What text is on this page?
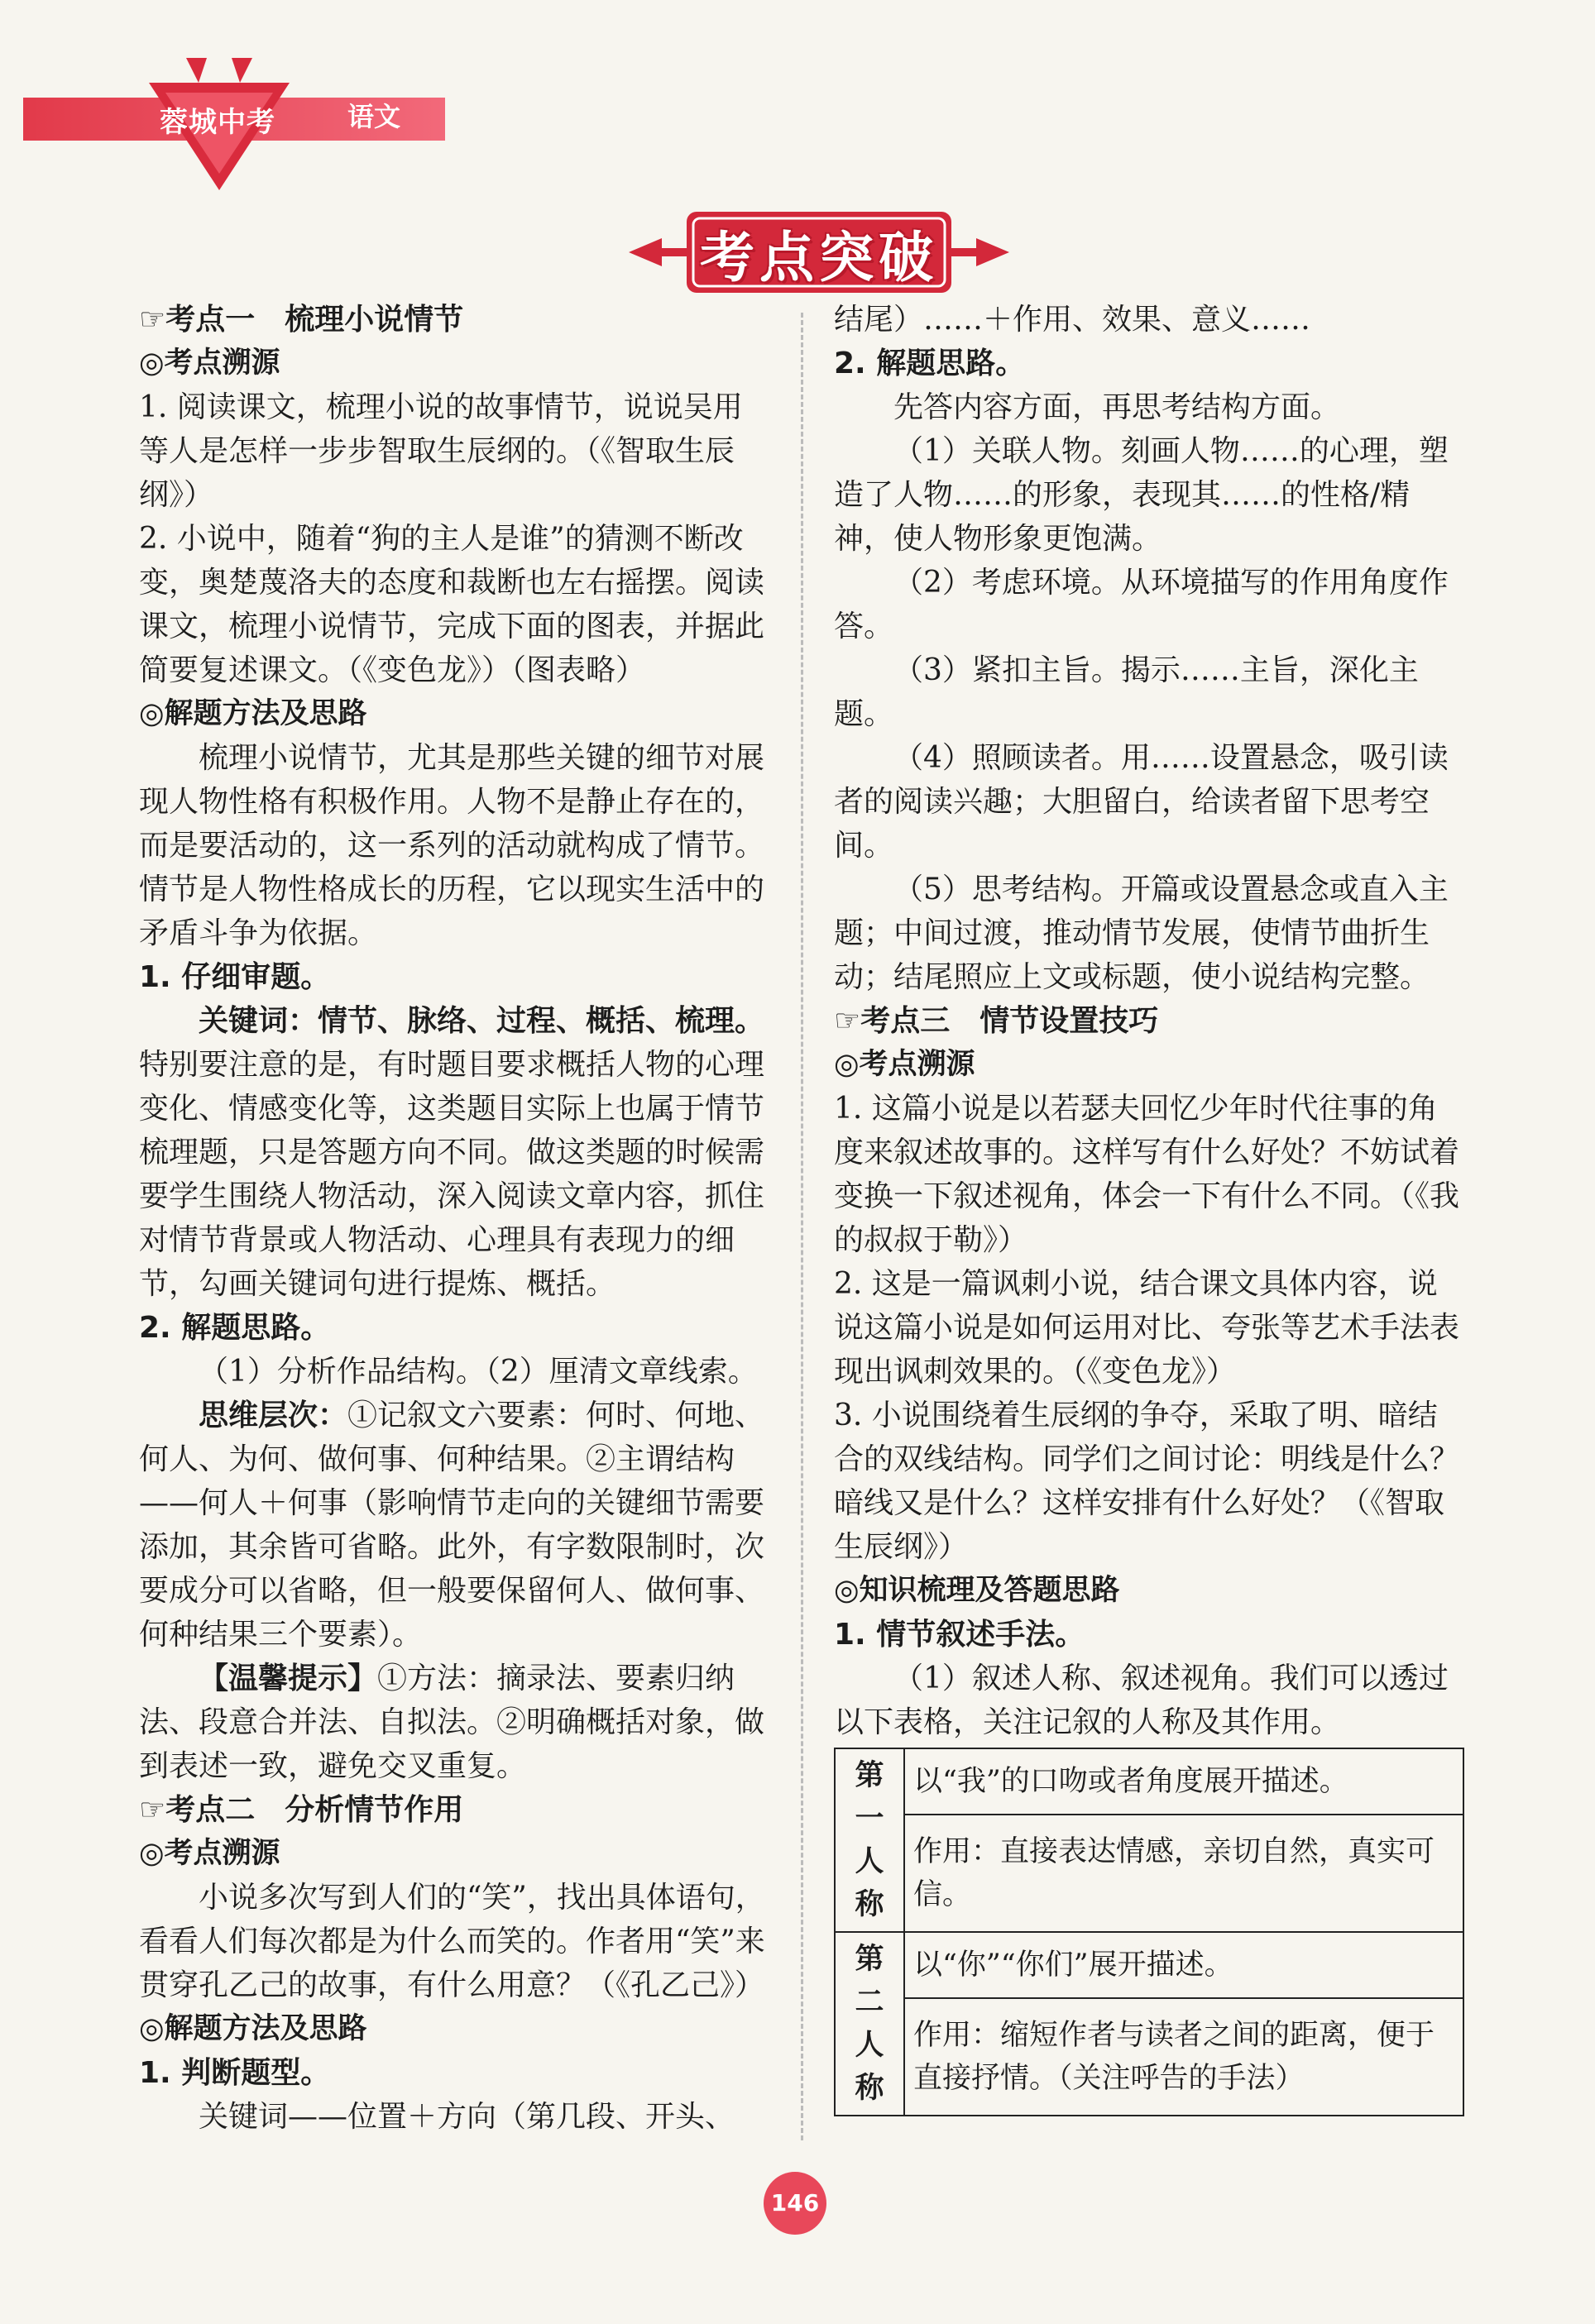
蓉城中考	语文
考点突破

☞考点一　梳理小说情节

◎考点溯源

1. 阅读课文，梳理小说的故事情节，说说吴用等人是怎样一步步智取生辰纲的。（《智取生辰纲》）

2. 小说中，随着“狗的主人是谁”的猜测不断改变，奥楚蔑洛夫的态度和裁断也左右摇摆。阅读课文，梳理小说情节，完成下面的图表，并据此简要复述课文。（《变色龙》）（图表略）

◎解题方法及思路

梳理小说情节，尤其是那些关键的细节对展现人物性格有积极作用。人物不是静止存在的，而是要活动的，这一系列的活动就构成了情节。情节是人物性格成长的历程，它以现实生活中的矛盾斗争为依据。

1. 仔细审题。

关键词：情节、脉络、过程、概括、梳理。

特别要注意的是，有时题目要求概括人物的心理变化、情感变化等，这类题目实际上也属于情节梳理题，只是答题方向不同。做这类题的时候需要学生围绕人物活动，深入阅读文章内容，抓住对情节背景或人物活动、心理具有表现力的细节，勾画关键词句进行提炼、概括。

2. 解题思路。

（1）分析作品结构。（2）厘清文章线索。

思维层次：①记叙文六要素：何时、何地、何人、为何、做何事、何种结果。②主谓结构——何人＋何事（影响情节走向的关键细节需要添加，其余皆可省略。此外，有字数限制时，次要成分可以省略，但一般要保留何人、做何事、何种结果三个要素）。

【温馨提示】①方法：摘录法、要素归纳法、段意合并法、自拟法。②明确概括对象，做到表述一致，避免交叉重复。

☞考点二　分析情节作用

◎考点溯源

小说多次写到人们的“笑”，找出具体语句，看看人们每次都是为什么而笑的。作者用“笑”来贯穿孔乙己的故事，有什么用意？（《孔乙己》）

◎解题方法及思路

1. 判断题型。

关键词——位置＋方向（第几段、开头、

结尾）……＋作用、效果、意义……

2. 解题思路。

先答内容方面，再思考结构方面。

（1）关联人物。刻画人物……的心理，塑造了人物……的形象，表现其……的性格/精神，使人物形象更饱满。

（2）考虑环境。从环境描写的作用角度作答。

（3）紧扣主旨。揭示……主旨，深化主题。

（4）照顾读者。用……设置悬念，吸引读者的阅读兴趣；大胆留白，给读者留下思考空间。

（5）思考结构。开篇或设置悬念或直入主题；中间过渡，推动情节发展，使情节曲折生动；结尾照应上文或标题，使小说结构完整。

☞考点三　情节设置技巧

◎考点溯源

1. 这篇小说是以若瑟夫回忆少年时代往事的角度来叙述故事的。这样写有什么好处？不妨试着变换一下叙述视角，体会一下有什么不同。（《我的叔叔于勒》）

2. 这是一篇讽刺小说，结合课文具体内容，说说这篇小说是如何运用对比、夸张等艺术手法表现出讽刺效果的。（《变色龙》）

3. 小说围绕着生辰纲的争夺，采取了明、暗结合的双线结构。同学们之间讨论：明线是什么？暗线又是什么？这样安排有什么好处？（《智取生辰纲》）

◎知识梳理及答题思路

1. 情节叙述手法。

（1）叙述人称、叙述视角。我们可以透过以下表格，关注记叙的人称及其作用。

第一人称	以“我”的口吻或者角度展开描述。
	作用：直接表达情感，亲切自然，真实可信。
第二人称	以“你”“你们”展开描述。
	作用：缩短作者与读者之间的距离，便于直接抒情。（关注呼告的手法）
146
